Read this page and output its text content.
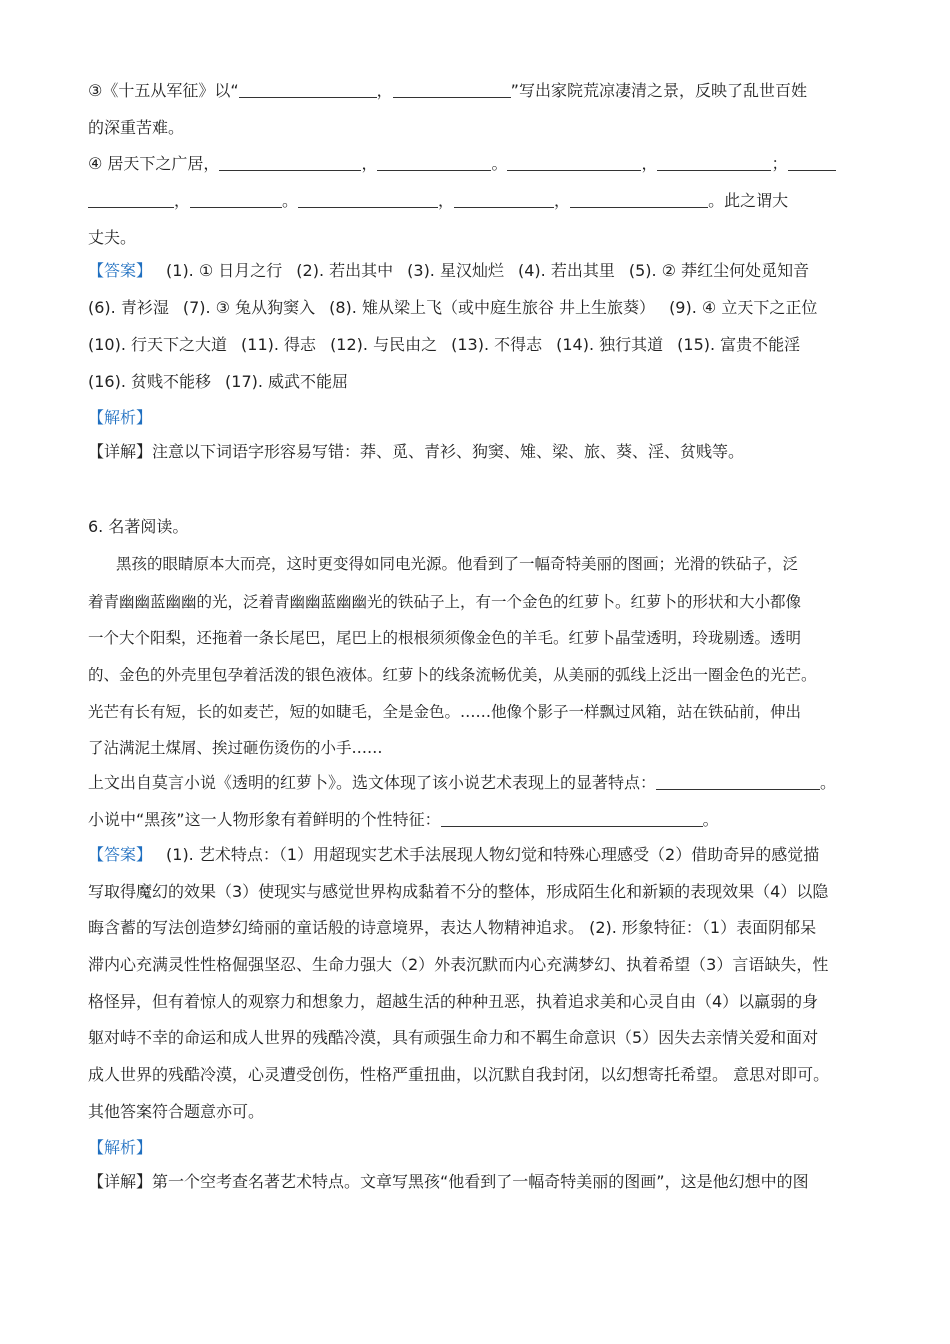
③《十五从军征》以“	，	”写出家院荒凉凄清之景，反映了乱世百姓
的深重苦难。
④ 居天下之广居，	，	。	，	；
，	。	，	，	。此之谓大
丈夫。
【答案】 (1). ① 日月之行 (2). 若出其中 (3). 星汉灿烂 (4). 若出其里 (5). ② 莽红尘何处觅知音
(6). 青衫湿 (7). ③ 兔从狗窦入 (8). 雉从梁上飞（或中庭生旅谷 井上生旅葵） (9). ④ 立天下之正位
(10). 行天下之大道 (11). 得志 (12). 与民由之 (13). 不得志 (14). 独行其道 (15). 富贵不能淫
(16). 贫贱不能移 (17). 威武不能屈
【解析】
【详解】注意以下词语字形容易写错：莽、觅、青衫、狗窦、雉、梁、旅、葵、淫、贫贱等。
6. 名著阅读。
黑孩的眼睛原本大而亮，这时更变得如同电光源。他看到了一幅奇特美丽的图画；光滑的铁砧子，泛
着青幽幽蓝幽幽的光，泛着青幽幽蓝幽幽光的铁砧子上，有一个金色的红萝卜。红萝卜的形状和大小都像
一个大个阳梨，还拖着一条长尾巴，尾巴上的根根须须像金色的羊毛。红萝卜晶莹透明，玲珑剔透。透明
的、金色的外壳里包孕着活泼的银色液体。红萝卜的线条流畅优美，从美丽的弧线上泛出一圈金色的光芒。
光芒有长有短，长的如麦芒，短的如睫毛，全是金色。……他像个影子一样飘过风箱，站在铁砧前，伸出
了沾满泥土煤屑、挨过砸伤烫伤的小手……
上文出自莫言小说《透明的红萝卜》。选文体现了该小说艺术表现上的显著特点：	。
小说中“黑孩”这一人物形象有着鲜明的个性特征：	。
【答案】 (1). 艺术特点：（1）用超现实艺术手法展现人物幻觉和特殊心理感受（2）借助奇异的感觉描
写取得魔幻的效果（3）使现实与感觉世界构成黏着不分的整体，形成陌生化和新颖的表现效果（4）以隐
晦含蓄的写法创造梦幻绮丽的童话般的诗意境界，表达人物精神追求。 (2). 形象特征：（1）表面阴郁呆
滞内心充满灵性性格倔强坚忍、生命力强大（2）外表沉默而内心充满梦幻、执着希望（3）言语缺失，性
格怪异，但有着惊人的观察力和想象力，超越生活的种种丑恶，执着追求美和心灵自由（4）以羸弱的身
躯对峙不幸的命运和成人世界的残酷冷漠，具有顽强生命力和不羁生命意识（5）因失去亲情关爱和面对
成人世界的残酷冷漠，心灵遭受创伤，性格严重扭曲，以沉默自我封闭，以幻想寄托希望。 意思对即可。
其他答案符合题意亦可。
【解析】
【详解】第一个空考查名著艺术特点。文章写黑孩“他看到了一幅奇特美丽的图画”，这是他幻想中的图
